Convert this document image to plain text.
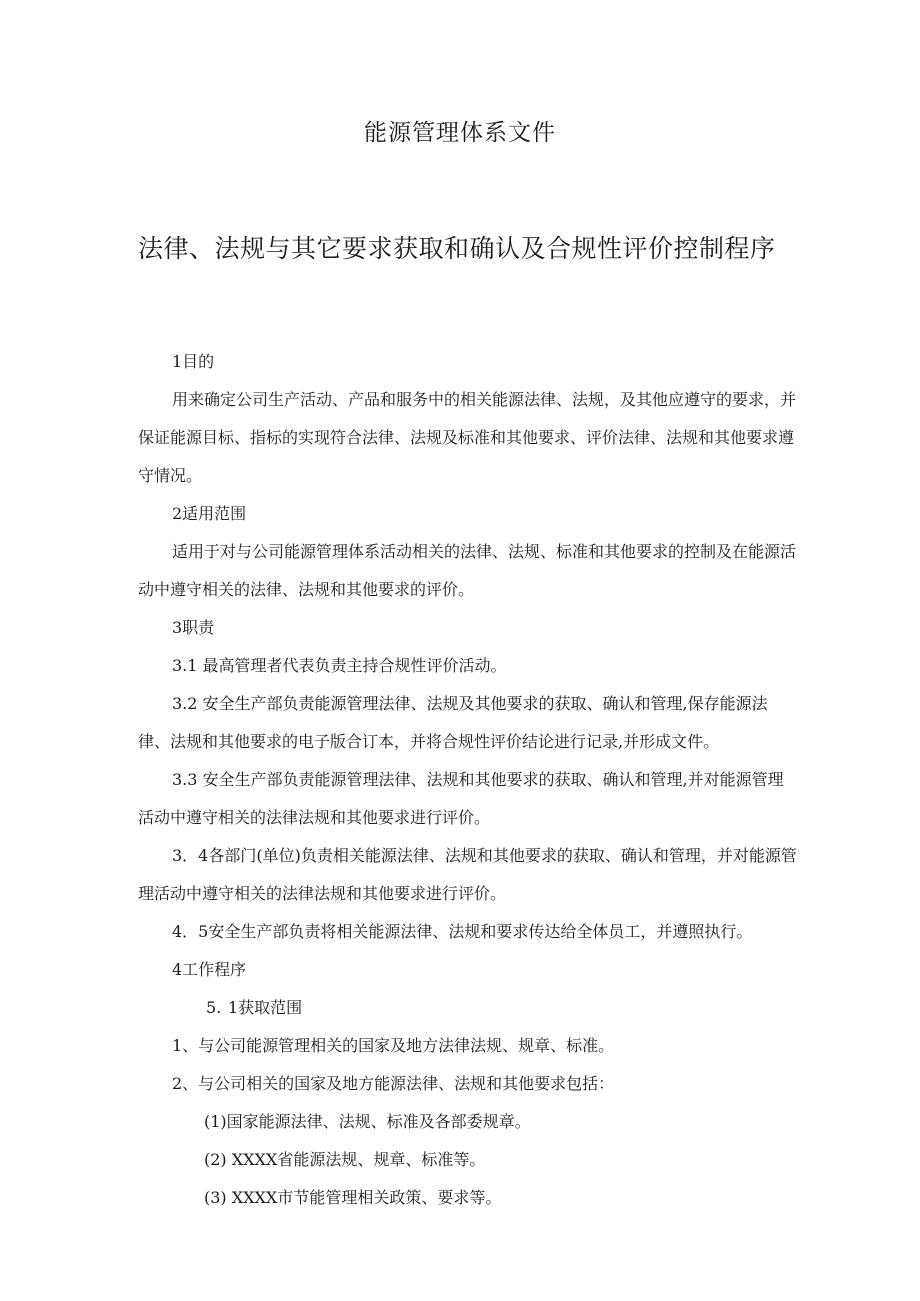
能源管理体系文件
法律、法规与其它要求获取和确认及合规性评价控制程序

1目的

用来确定公司生产活动、产品和服务中的相关能源法律、法规，及其他应遵守的要求，并保证能源目标、指标的实现符合法律、法规及标准和其他要求、评价法律、法规和其他要求遵守情况。

2适用范围

适用于对与公司能源管理体系活动相关的法律、法规、标准和其他要求的控制及在能源活动中遵守相关的法律、法规和其他要求的评价。

3职责

3.1 最高管理者代表负责主持合规性评价活动。

3.2 安全生产部负责能源管理法律、法规及其他要求的获取、确认和管理,保存能源法律、法规和其他要求的电子版合订本，并将合规性评价结论进行记录,并形成文件。

3.3 安全生产部负责能源管理法律、法规和其他要求的获取、确认和管理,并对能源管理活动中遵守相关的法律法规和其他要求进行评价。

3．4各部门(单位)负责相关能源法律、法规和其他要求的获取、确认和管理，并对能源管理活动中遵守相关的法律法规和其他要求进行评价。

4．5安全生产部负责将相关能源法律、法规和要求传达给全体员工，并遵照执行。

4工作程序

5. 1获取范围

1、与公司能源管理相关的国家及地方法律法规、规章、标准。

2、与公司相关的国家及地方能源法律、法规和其他要求包括：

(1)国家能源法律、法规、标准及各部委规章。

(2) XXXX省能源法规、规章、标准等。

(3) XXXX市节能管理相关政策、要求等。
